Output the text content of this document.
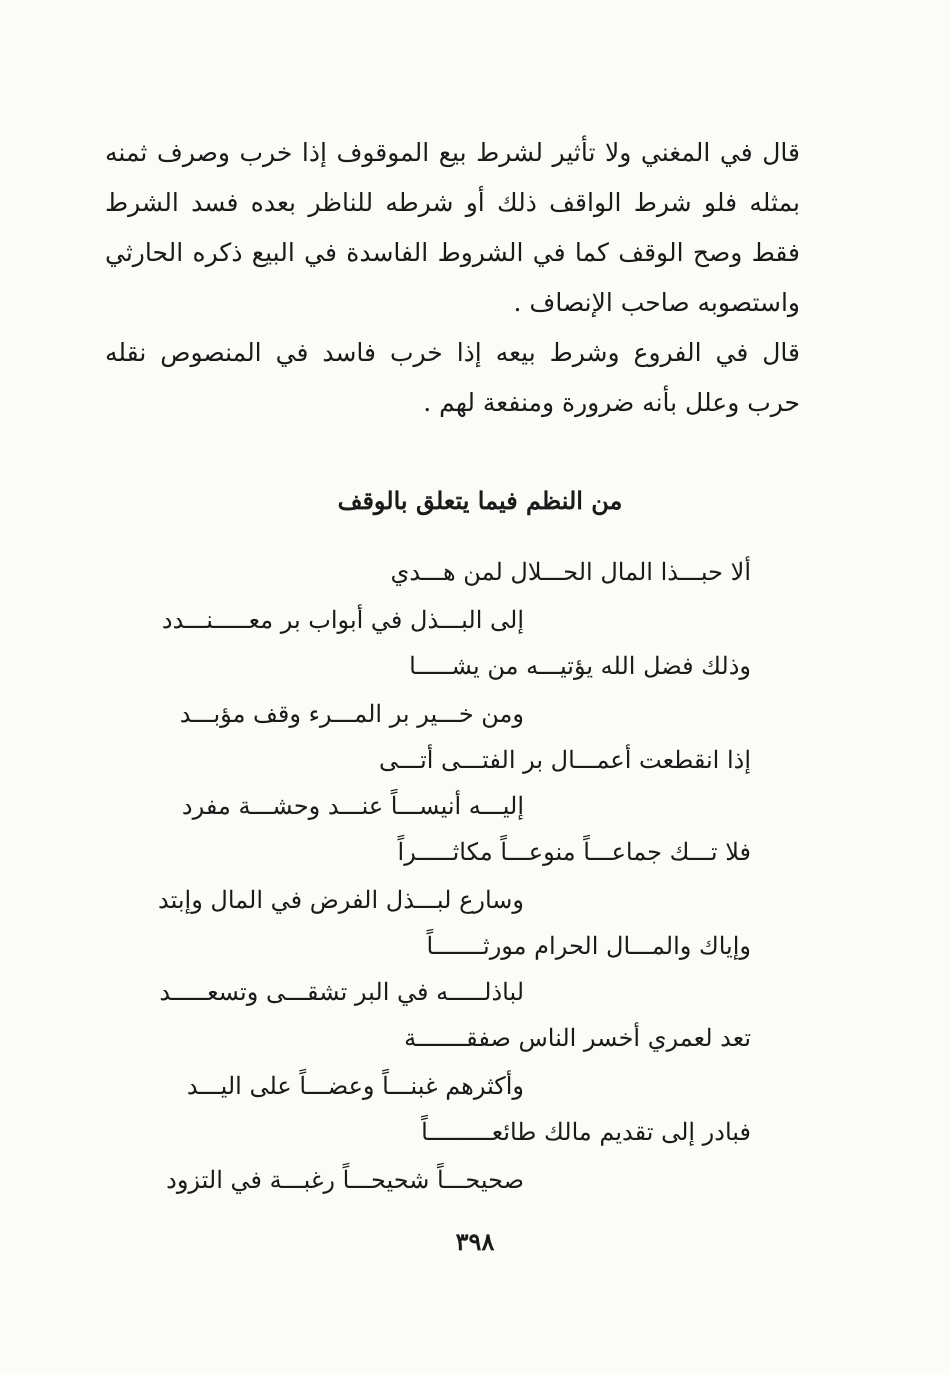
قال في المغني ولا تأثير لشرط بيع الموقوف إذا خرب وصرف ثمنه بمثله فلو شرط الواقف ذلك أو شرطه للناظر بعده فسد الشرط فقط وصح الوقف كما في الشروط الفاسدة في البيع ذكره الحارثي واستصوبه صاحب الإنصاف .

قال في الفروع وشرط بيعه إذا خرب فاسد في المنصوص نقله حرب وعلل بأنه ضرورة ومنفعة لهم .

من النظم فيما يتعلق بالوقف
ألا حبـــذا المال الحـــلال لمن هـــدي
إلى البـــذل في أبواب بر معـــــنـــدد
وذلك فضل الله يؤتيـــه من يشـــــا
ومن خـــير بر المـــرء وقف مؤبـــد
إذا انقطعت أعمـــال بر الفتـــى أتـــى
إليـــه أنيســـاً عنـــد وحشـــة مفرد
فلا تـــك جماعـــاً منوعـــاً مكاثـــــراً
وسارع لبـــذل الفرض في المال وإبتد
وإياك والمـــال الحرام مورثـــــــاً
لباذلـــــه في البر تشقـــى وتسعـــــد
تعد لعمري أخسر الناس صفقـــــــة
وأكثرهم غبنـــاً وعضـــاً على اليـــد
فبادر إلى تقديم مالك طائعـــــــــاً
صحيحـــاً شحيحـــاً رغبـــة في التزود
٣٩٨
